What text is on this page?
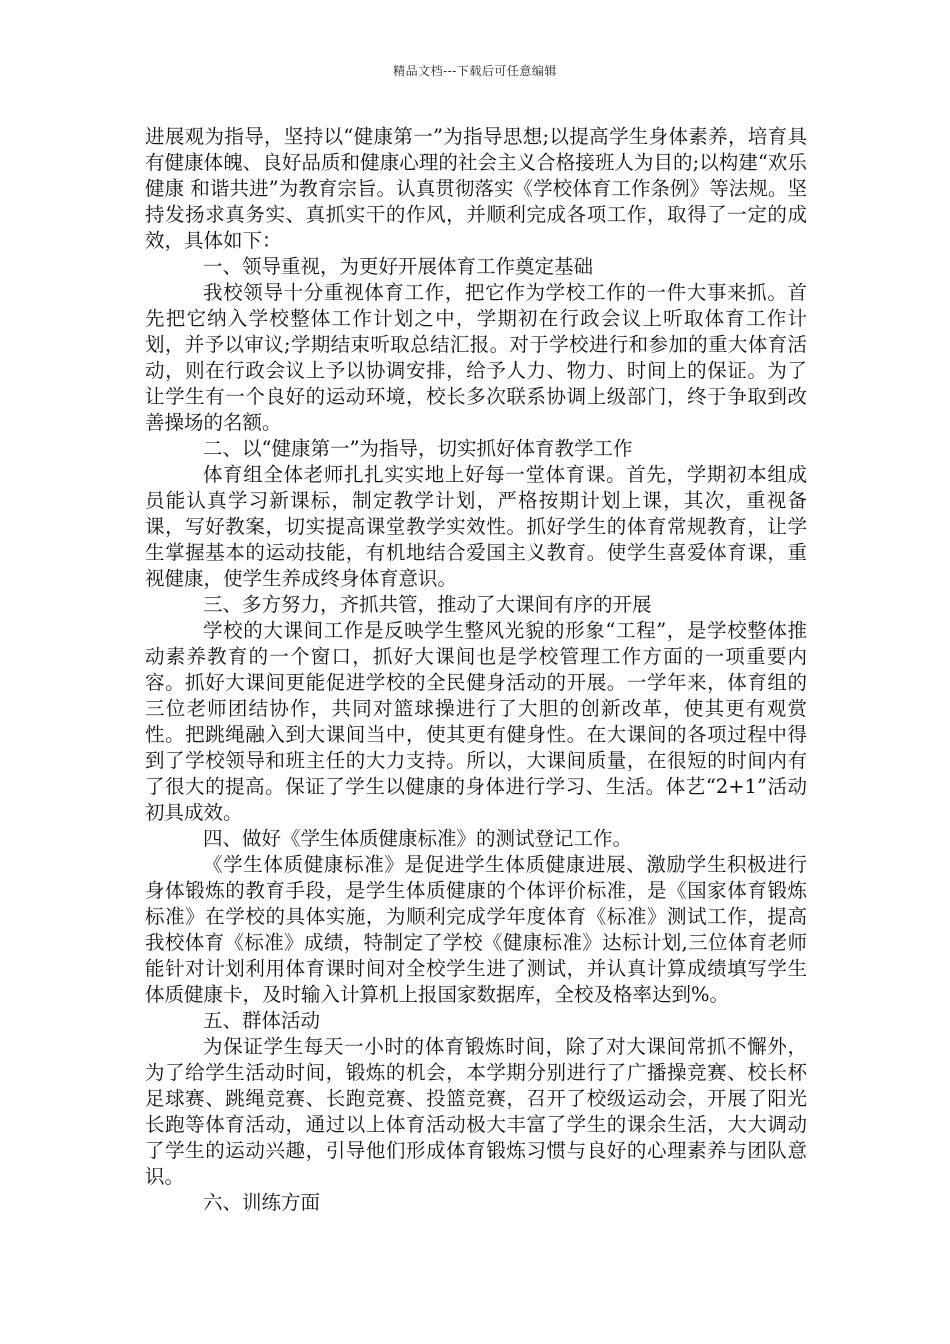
精品文档---下载后可任意编辑

进展观为指导，坚持以“健康第一”为指导思想;以提高学生身体素养，培育具有健康体魄、良好品质和健康心理的社会主义合格接班人为目的;以构建“欢乐健康 和谐共进”为教育宗旨。认真贯彻落实《学校体育工作条例》等法规。坚持发扬求真务实、真抓实干的作风，并顺利完成各项工作，取得了一定的成效，具体如下：

一、领导重视，为更好开展体育工作奠定基础

我校领导十分重视体育工作，把它作为学校工作的一件大事来抓。首先把它纳入学校整体工作计划之中，学期初在行政会议上听取体育工作计划，并予以审议;学期结束听取总结汇报。对于学校进行和参加的重大体育活动，则在行政会议上予以协调安排，给予人力、物力、时间上的保证。为了让学生有一个良好的运动环境，校长多次联系协调上级部门，终于争取到改善操场的名额。

二、以“健康第一”为指导，切实抓好体育教学工作

体育组全体老师扎扎实实地上好每一堂体育课。首先，学期初本组成员能认真学习新课标，制定教学计划，严格按期计划上课，其次，重视备课，写好教案，切实提高课堂教学实效性。抓好学生的体育常规教育，让学生掌握基本的运动技能，有机地结合爱国主义教育。使学生喜爱体育课，重视健康，使学生养成终身体育意识。

三、多方努力，齐抓共管，推动了大课间有序的开展

学校的大课间工作是反映学生整风光貌的形象“工程”，是学校整体推动素养教育的一个窗口，抓好大课间也是学校管理工作方面的一项重要内容。抓好大课间更能促进学校的全民健身活动的开展。一学年来，体育组的三位老师团结协作，共同对篮球操进行了大胆的创新改革，使其更有观赏性。把跳绳融入到大课间当中，使其更有健身性。在大课间的各项过程中得到了学校领导和班主任的大力支持。所以，大课间质量，在很短的时间内有了很大的提高。保证了学生以健康的身体进行学习、生活。体艺“2+1”活动初具成效。

四、做好《学生体质健康标准》的测试登记工作。

《学生体质健康标准》是促进学生体质健康进展、激励学生积极进行身体锻炼的教育手段，是学生体质健康的个体评价标准，是《国家体育锻炼标准》在学校的具体实施，为顺利完成学年度体育《标准》测试工作，提高我校体育《标准》成绩，特制定了学校《健康标准》达标计划,三位体育老师能针对计划利用体育课时间对全校学生进了测试，并认真计算成绩填写学生体质健康卡，及时输入计算机上报国家数据库，全校及格率达到%。

五、群体活动

为保证学生每天一小时的体育锻炼时间，除了对大课间常抓不懈外，为了给学生活动时间，锻炼的机会，本学期分别进行了广播操竞赛、校长杯足球赛、跳绳竞赛、长跑竞赛、投篮竞赛，召开了校级运动会，开展了阳光长跑等体育活动，通过以上体育活动极大丰富了学生的课余生活，大大调动了学生的运动兴趣，引导他们形成体育锻炼习惯与良好的心理素养与团队意识。

六、训练方面
